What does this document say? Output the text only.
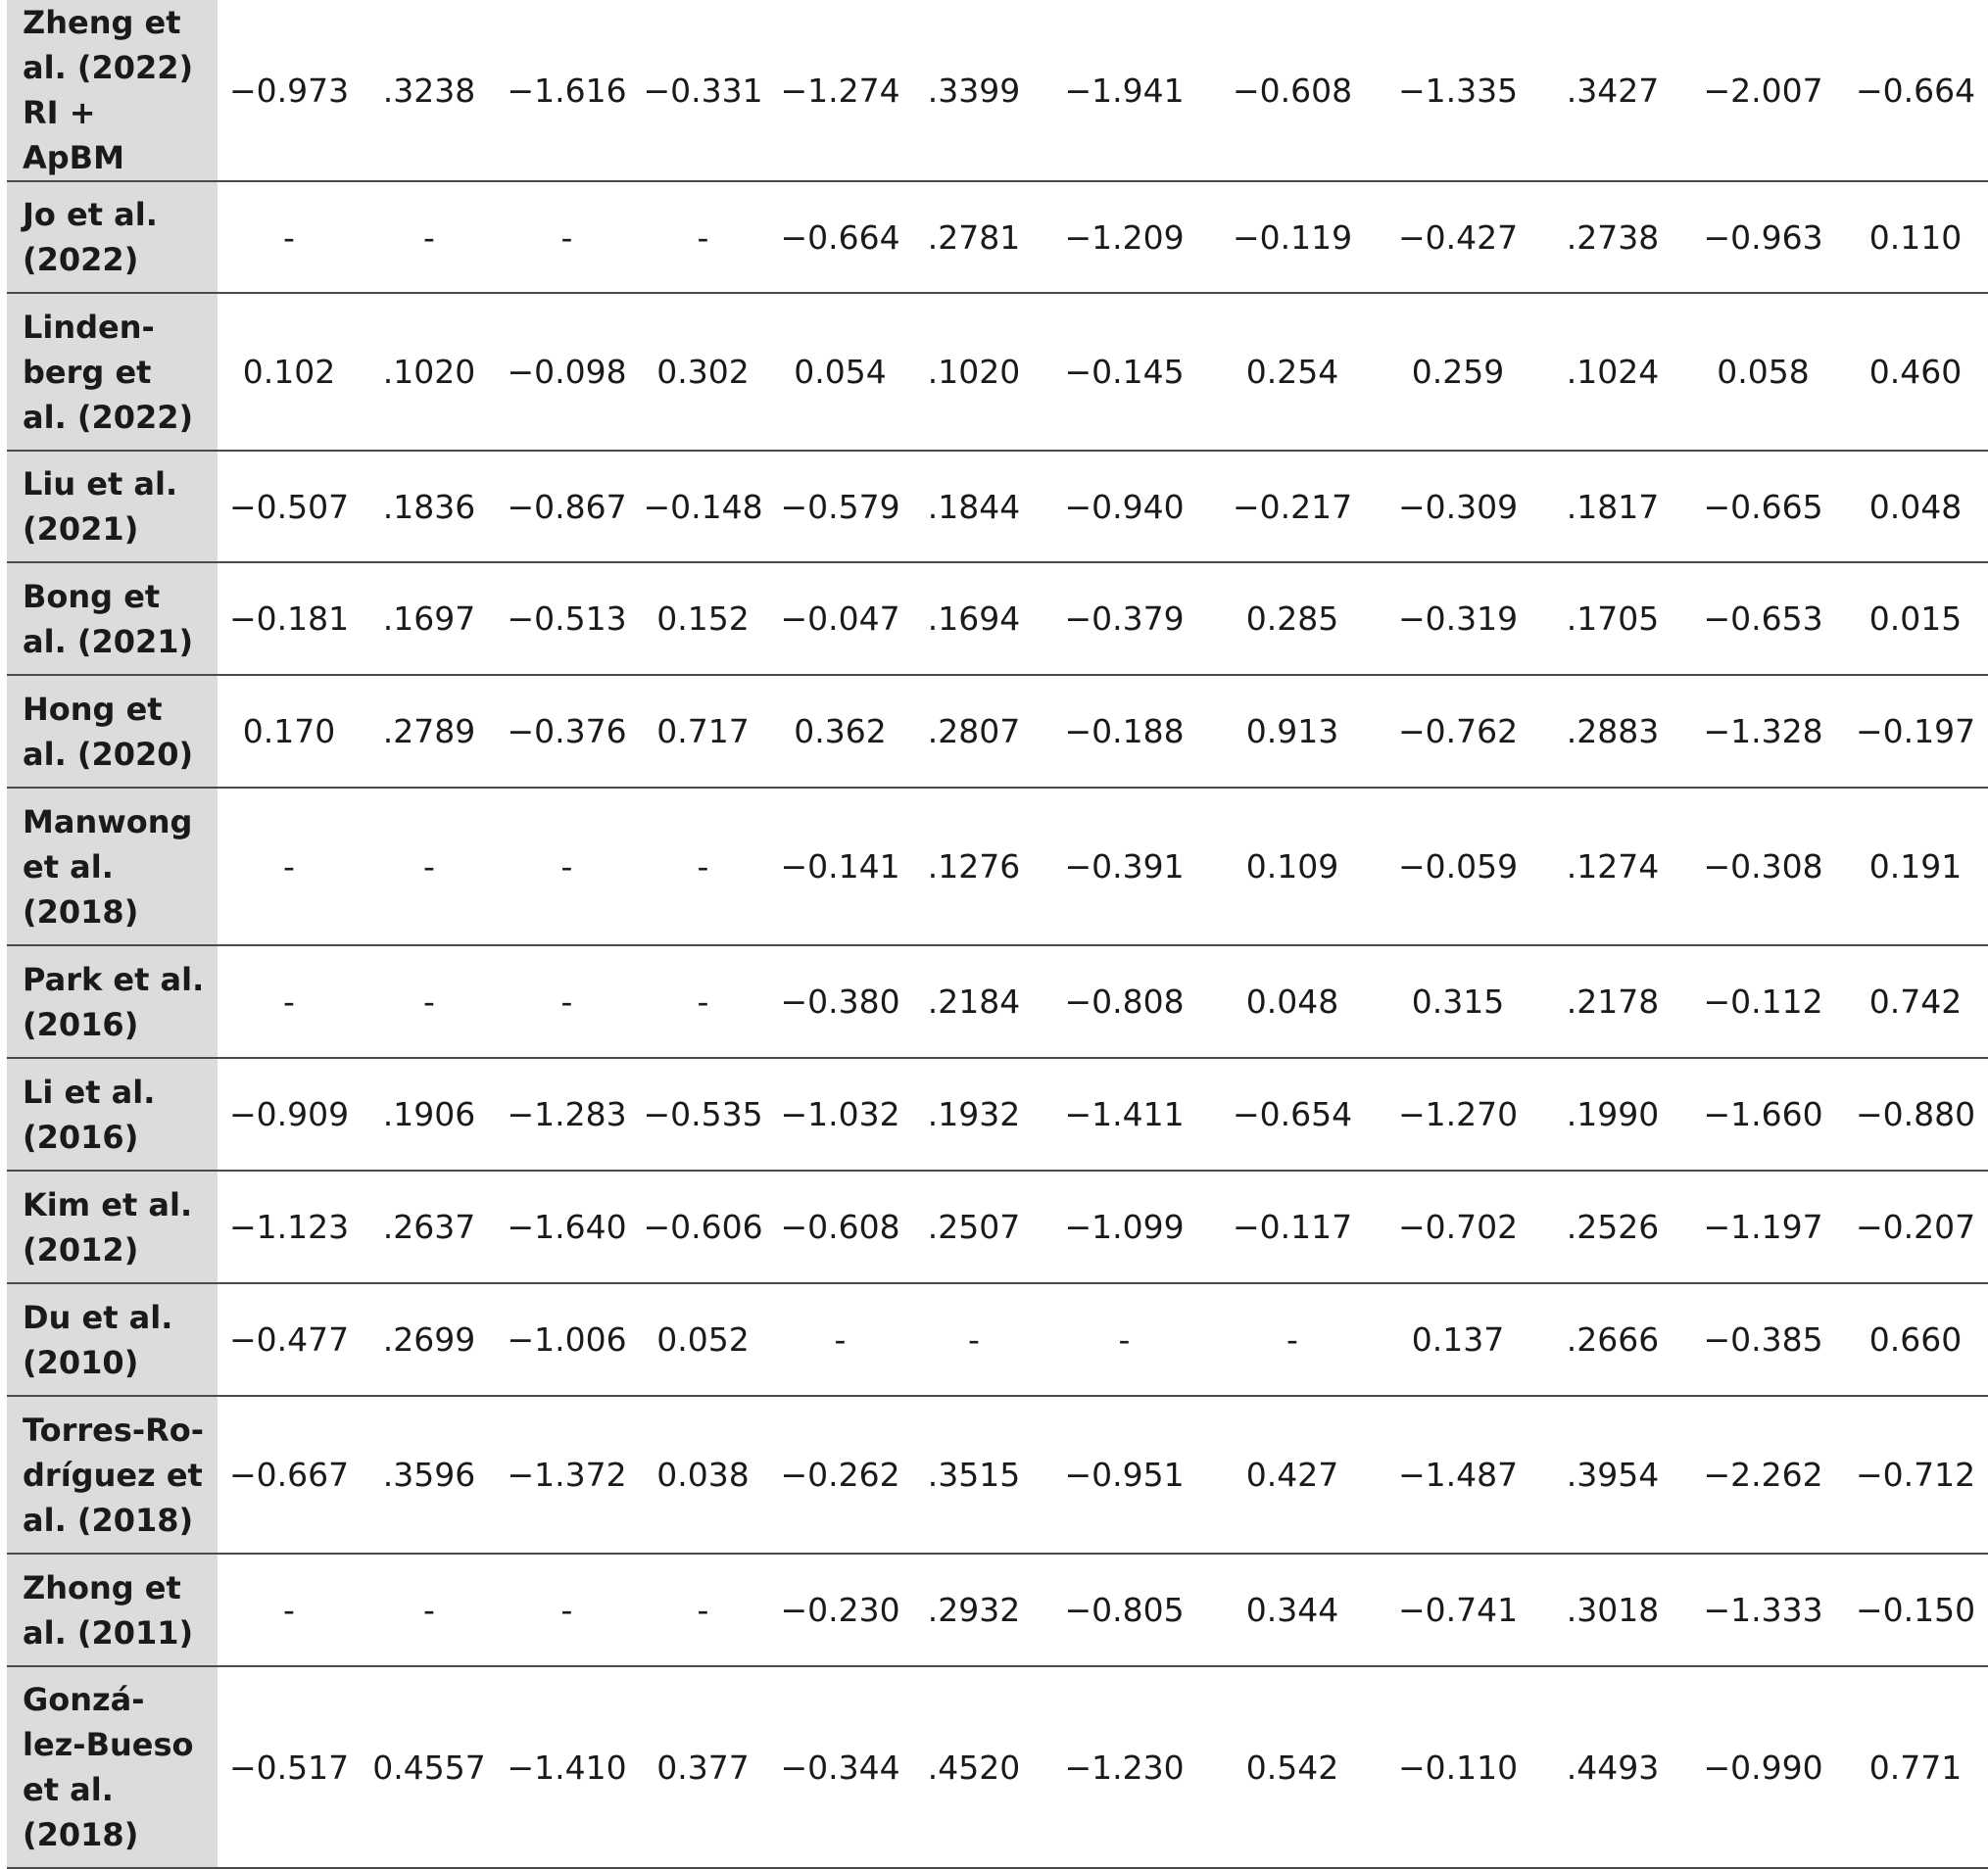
Zheng et al. (2022) RI + ApBM	−0.973	.3238	−1.616	−0.331	−1.274	.3399	−1.941	−0.608	−1.335	.3427	−2.007	−0.664
Jo et al. (2022)	-	-	-	-	−0.664	.2781	−1.209	−0.119	−0.427	.2738	−0.963	0.110
Linden-berg et al. (2022)	0.102	.1020	−0.098	0.302	0.054	.1020	−0.145	0.254	0.259	.1024	0.058	0.460
Liu et al. (2021)	−0.507	.1836	−0.867	−0.148	−0.579	.1844	−0.940	−0.217	−0.309	.1817	−0.665	0.048
Bong et al. (2021)	−0.181	.1697	−0.513	0.152	−0.047	.1694	−0.379	0.285	−0.319	.1705	−0.653	0.015
Hong et al. (2020)	0.170	.2789	−0.376	0.717	0.362	.2807	−0.188	0.913	−0.762	.2883	−1.328	−0.197
Manwong et al. (2018)	-	-	-	-	−0.141	.1276	−0.391	0.109	−0.059	.1274	−0.308	0.191
Park et al. (2016)	-	-	-	-	−0.380	.2184	−0.808	0.048	0.315	.2178	−0.112	0.742
Li et al. (2016)	−0.909	.1906	−1.283	−0.535	−1.032	.1932	−1.411	−0.654	−1.270	.1990	−1.660	−0.880
Kim et al. (2012)	−1.123	.2637	−1.640	−0.606	−0.608	.2507	−1.099	−0.117	−0.702	.2526	−1.197	−0.207
Du et al. (2010)	−0.477	.2699	−1.006	0.052	-	-	-	-	0.137	.2666	−0.385	0.660
Torres-Ro-dríguez et al. (2018)	−0.667	.3596	−1.372	0.038	−0.262	.3515	−0.951	0.427	−1.487	.3954	−2.262	−0.712
Zhong et al. (2011)	-	-	-	-	−0.230	.2932	−0.805	0.344	−0.741	.3018	−1.333	−0.150
Gonzá-lez-Bueso et al. (2018)	−0.517	0.4557	−1.410	0.377	−0.344	.4520	−1.230	0.542	−0.110	.4493	−0.990	0.771
